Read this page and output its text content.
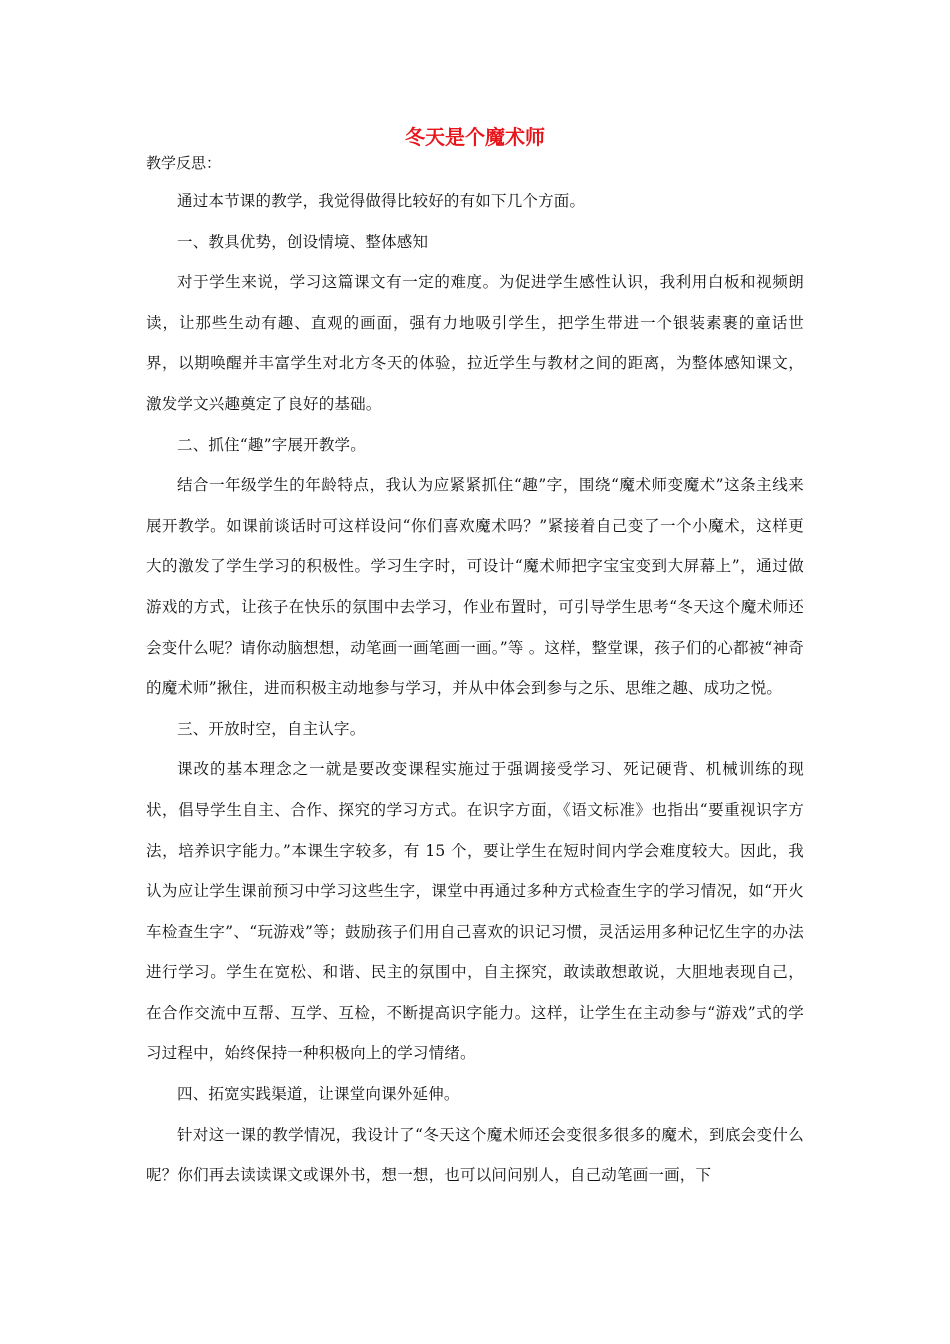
冬天是个魔术师

教学反思：

通过本节课的教学，我觉得做得比较好的有如下几个方面。

一、教具优势，创设情境、整体感知

对于学生来说，学习这篇课文有一定的难度。为促进学生感性认识，我利用白板和视频朗读，让那些生动有趣、直观的画面，强有力地吸引学生，把学生带进一个银装素裹的童话世界，以期唤醒并丰富学生对北方冬天的体验，拉近学生与教材之间的距离，为整体感知课文，激发学文兴趣奠定了良好的基础。

二、抓住“趣”字展开教学。

结合一年级学生的年龄特点，我认为应紧紧抓住“趣”字，围绕“魔术师变魔术”这条主线来展开教学。如课前谈话时可这样设问“你们喜欢魔术吗？”紧接着自己变了一个小魔术，这样更大的激发了学生学习的积极性。学习生字时，可设计“魔术师把字宝宝变到大屏幕上”，通过做游戏的方式，让孩子在快乐的氛围中去学习，作业布置时，可引导学生思考“冬天这个魔术师还会变什么呢？请你动脑想想，动笔画一画笔画一画。”等 。这样，整堂课，孩子们的心都被“神奇的魔术师”揪住，进而积极主动地参与学习，并从中体会到参与之乐、思维之趣、成功之悦。

三、开放时空，自主认字。

课改的基本理念之一就是要改变课程实施过于强调接受学习、死记硬背、机械训练的现状，倡导学生自主、合作、探究的学习方式。在识字方面，《语文标准》也指出“要重视识字方法，培养识字能力。”本课生字较多，有 15 个，要让学生在短时间内学会难度较大。因此，我认为应让学生课前预习中学习这些生字，课堂中再通过多种方式检查生字的学习情况，如“开火车检查生字”、“玩游戏”等；鼓励孩子们用自己喜欢的识记习惯，灵活运用多种记忆生字的办法进行学习。学生在宽松、和谐、民主的氛围中，自主探究，敢读敢想敢说，大胆地表现自己，在合作交流中互帮、互学、互检，不断提高识字能力。这样，让学生在主动参与“游戏”式的学习过程中，始终保持一种积极向上的学习情绪。

四、拓宽实践渠道，让课堂向课外延伸。

针对这一课的教学情况，我设计了“冬天这个魔术师还会变很多很多的魔术，到底会变什么呢？你们再去读读课文或课外书，想一想，也可以问问别人，自己动笔画一画，下
